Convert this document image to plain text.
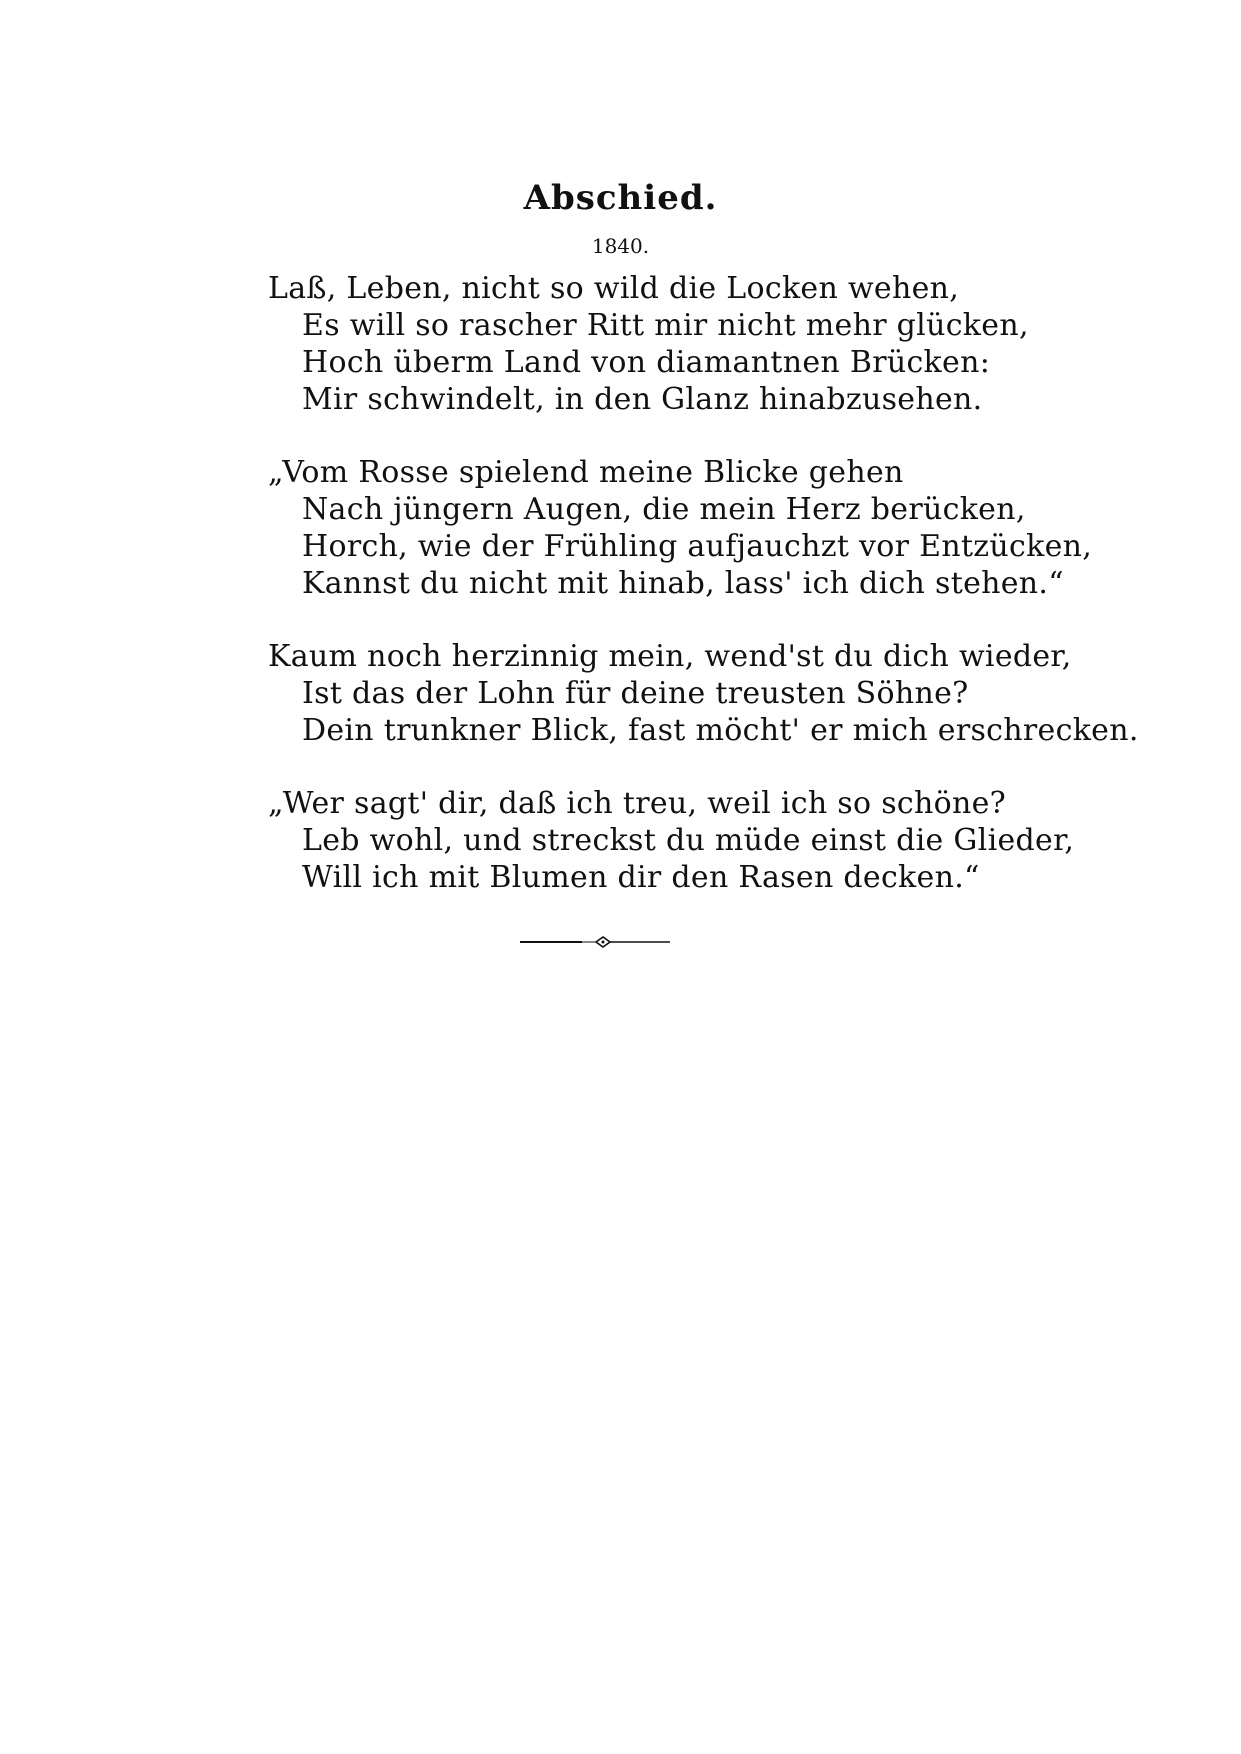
Abschied.
1840.
Laß, Leben, nicht so wild die Locken wehen,
Es will so rascher Ritt mir nicht mehr glücken,
Hoch überm Land von diamantnen Brücken:
Mir schwindelt, in den Glanz hinabzusehen.
„Vom Rosse spielend meine Blicke gehen
Nach jüngern Augen, die mein Herz berücken,
Horch, wie der Frühling aufjauchzt vor Entzücken,
Kannst du nicht mit hinab, lass' ich dich stehen.“
Kaum noch herzinnig mein, wend'st du dich wieder,
Ist das der Lohn für deine treusten Söhne?
Dein trunkner Blick, fast möcht' er mich erschrecken.
„Wer sagt' dir, daß ich treu, weil ich so schöne?
Leb wohl, und streckst du müde einst die Glieder,
Will ich mit Blumen dir den Rasen decken.“
